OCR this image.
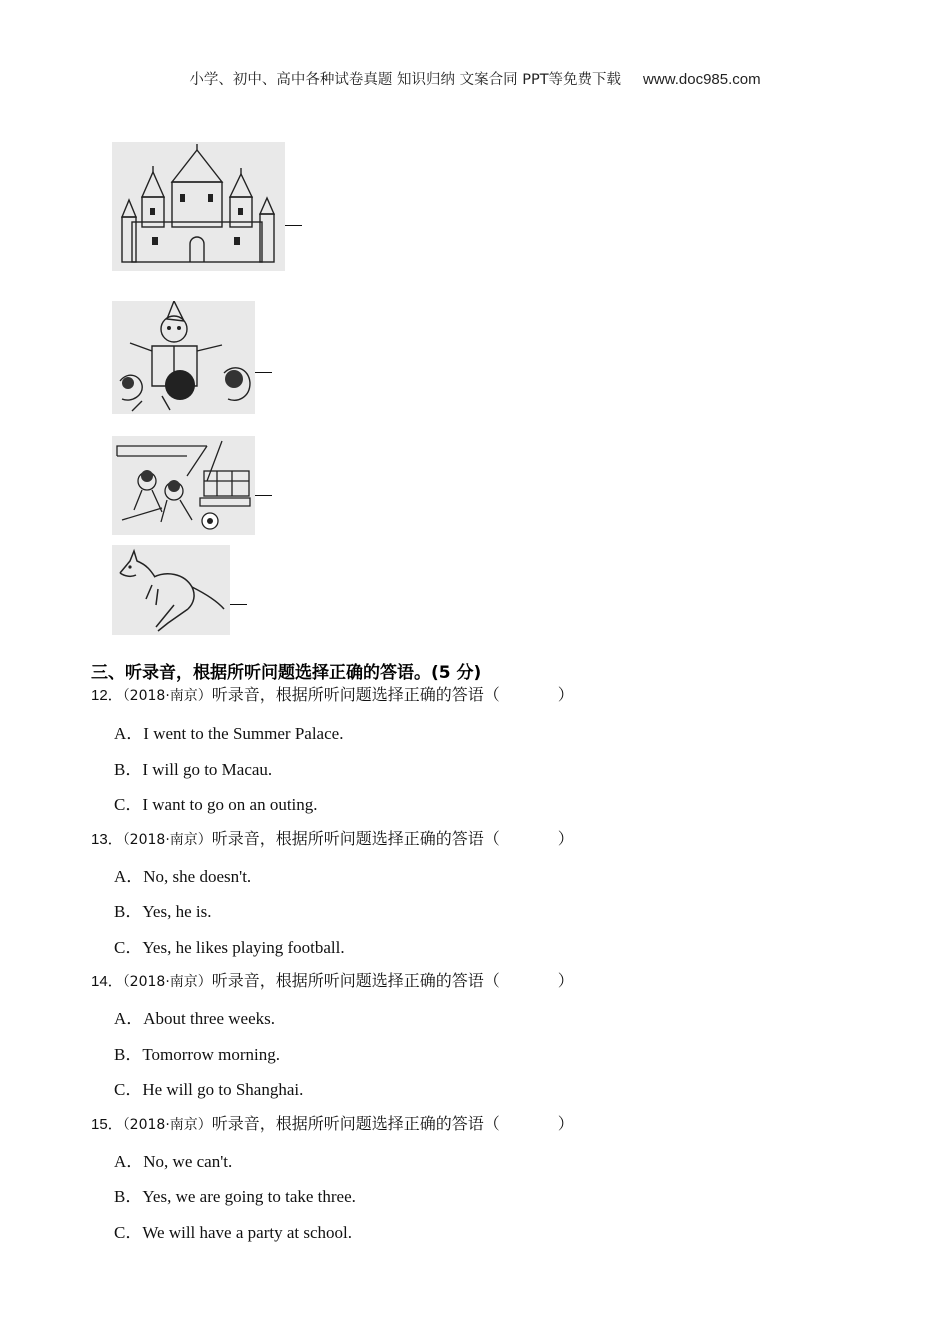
小学、初中、高中各种试卷真题 知识归纳 文案合同 PPT等免费下载 www.doc985.com
三、听录音，根据所听问题选择正确的答语。(5 分)
12．（2018·南京）听录音，根据所听问题选择正确的答语（	）
A．I went to the Summer Palace.
B．I will go to Macau.
C．I want to go on an outing.
13．（2018·南京）听录音，根据所听问题选择正确的答语（	）
A．No, she doesn't.
B．Yes, he is.
C．Yes, he likes playing football.
14．（2018·南京）听录音，根据所听问题选择正确的答语（	）
A．About three weeks.
B．Tomorrow morning.
C．He will go to Shanghai.
15．（2018·南京）听录音，根据所听问题选择正确的答语（	）
A．No, we can't.
B．Yes, we are going to take three.
C．We will have a party at school.
